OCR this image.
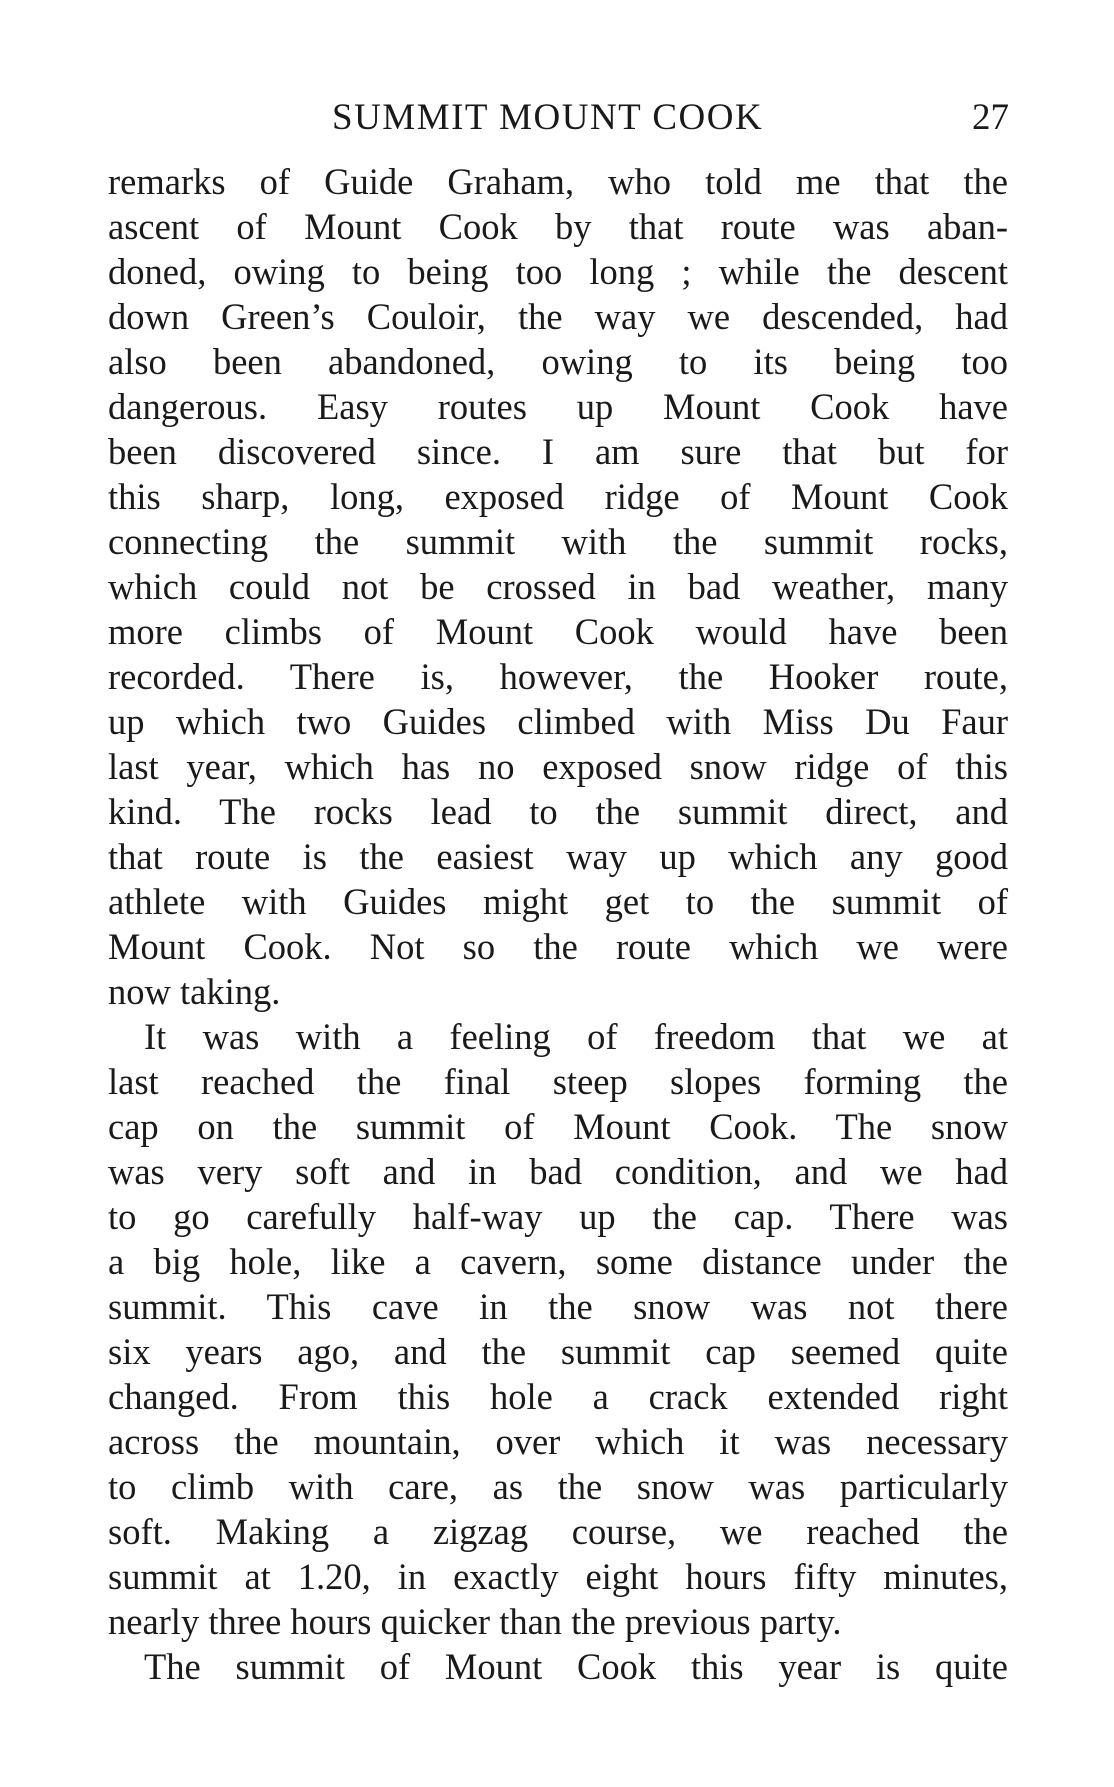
SUMMIT MOUNT COOK	27
remarks of Guide Graham, who told me that the
ascent of Mount Cook by that route was aban-
doned, owing to being too long ; while the descent
down Green’s Couloir, the way we descended, had
also been abandoned, owing to its being too
dangerous. Easy routes up Mount Cook have
been discovered since. I am sure that but for
this sharp, long, exposed ridge of Mount Cook
connecting the summit with the summit rocks,
which could not be crossed in bad weather, many
more climbs of Mount Cook would have been
recorded. There is, however, the Hooker route,
up which two Guides climbed with Miss Du Faur
last year, which has no exposed snow ridge of this
kind. The rocks lead to the summit direct, and
that route is the easiest way up which any good
athlete with Guides might get to the summit of
Mount Cook. Not so the route which we were
now taking.
It was with a feeling of freedom that we at
last reached the final steep slopes forming the
cap on the summit of Mount Cook. The snow
was very soft and in bad condition, and we had
to go carefully half-way up the cap. There was
a big hole, like a cavern, some distance under the
summit. This cave in the snow was not there
six years ago, and the summit cap seemed quite
changed. From this hole a crack extended right
across the mountain, over which it was necessary
to climb with care, as the snow was particularly
soft. Making a zigzag course, we reached the
summit at 1.20, in exactly eight hours fifty minutes,
nearly three hours quicker than the previous party.
The summit of Mount Cook this year is quite
